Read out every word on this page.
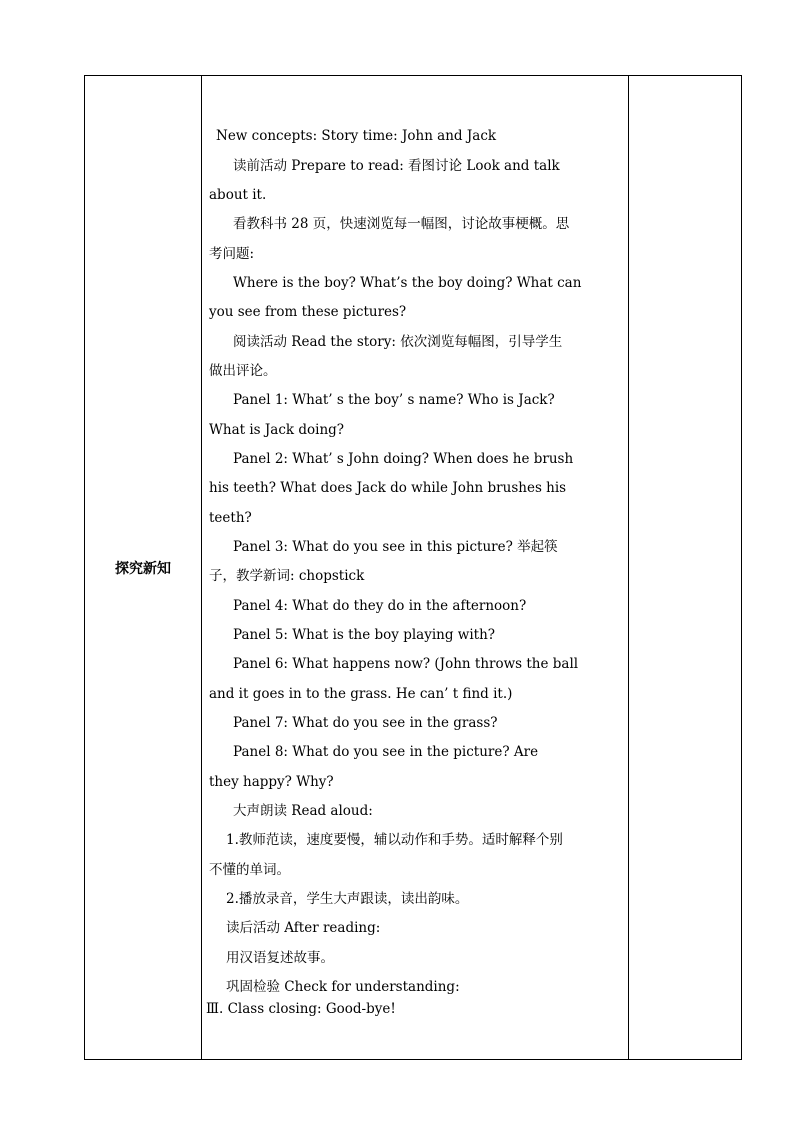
探究新知	
New concepts: Story time: John and Jack
读前活动 Prepare to read: 看图讨论 Look and talk
about it.
看教科书 28 页，快速浏览每一幅图，讨论故事梗概。思
考问题:
Where is the boy? What’s the boy doing? What can
you see from these pictures?
阅读活动 Read the story: 依次浏览每幅图，引导学生
做出评论。
Panel 1: What’ s the boy’ s name? Who is Jack?
What is Jack doing?
Panel 2: What’ s John doing? When does he brush
his teeth? What does Jack do while John brushes his
teeth?
Panel 3: What do you see in this picture? 举起筷
子，教学新词: chopstick
Panel 4: What do they do in the afternoon?
Panel 5: What is the boy playing with?
Panel 6: What happens now? (John throws the ball
and it goes in to the grass. He can’ t find it.)
Panel 7: What do you see in the grass?
Panel 8: What do you see in the picture? Are
they happy? Why?
大声朗读 Read aloud:
1.教师范读，速度要慢，辅以动作和手势。适时解释个别
不懂的单词。
2.播放录音，学生大声跟读，读出韵味。
读后活动 After reading:
用汉语复述故事。
巩固检验 Check for understanding:
Ⅲ. Class closing: Good-bye!
